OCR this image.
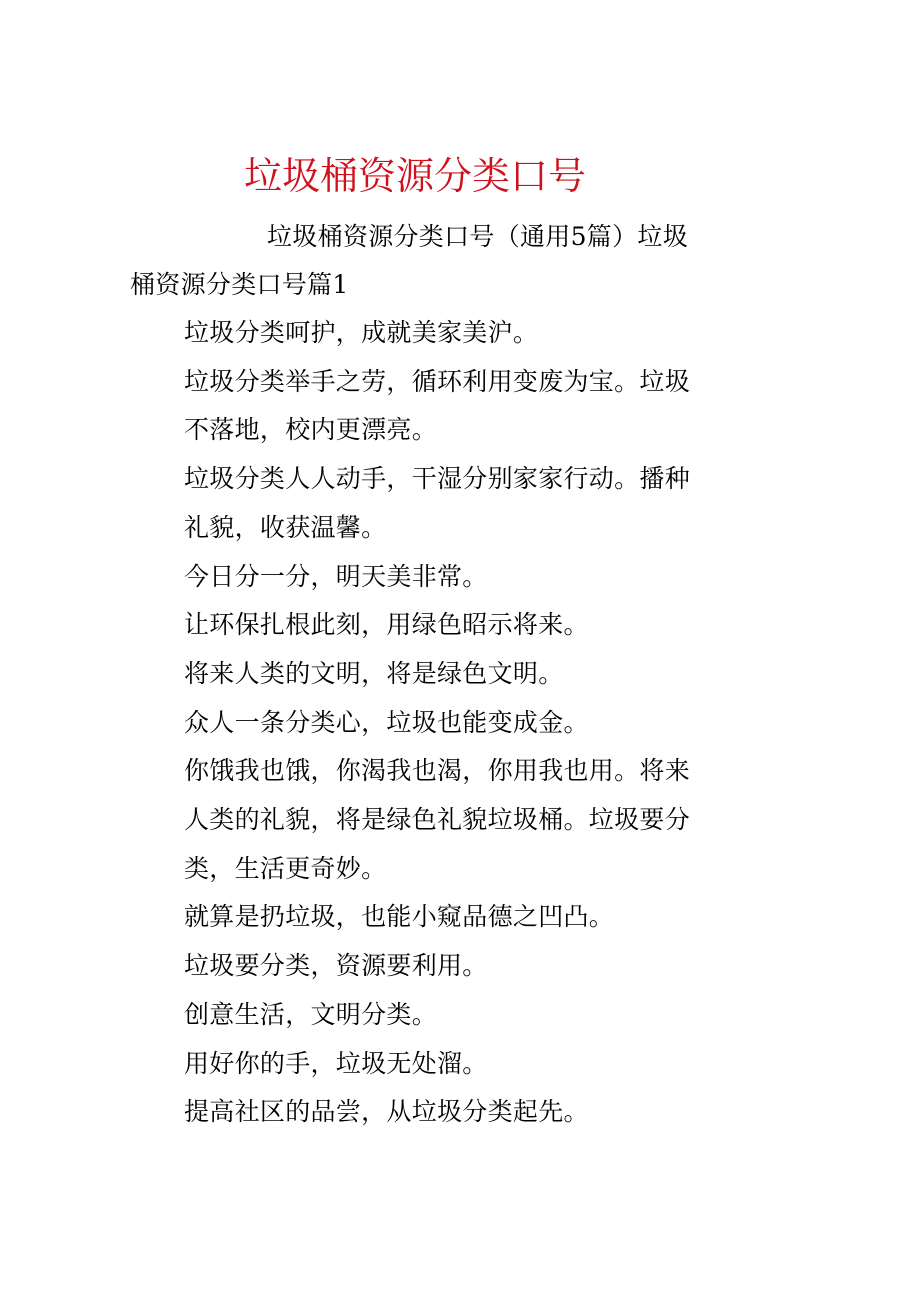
垃圾桶资源分类口号
垃圾桶资源分类口号（通用5篇）垃圾
桶资源分类口号篇1
垃圾分类呵护，成就美家美沪。
垃圾分类举手之劳，循环利用变废为宝。垃圾
不落地，校内更漂亮。
垃圾分类人人动手，干湿分别家家行动。播种
礼貌，收获温馨。
今日分一分，明天美非常。
让环保扎根此刻，用绿色昭示将来。
将来人类的文明，将是绿色文明。
众人一条分类心，垃圾也能变成金。
你饿我也饿，你渴我也渴，你用我也用。将来
人类的礼貌，将是绿色礼貌垃圾桶。垃圾要分
类，生活更奇妙。
就算是扔垃圾，也能小窥品德之凹凸。
垃圾要分类，资源要利用。
创意生活，文明分类。
用好你的手，垃圾无处溜。
提高社区的品尝，从垃圾分类起先。
